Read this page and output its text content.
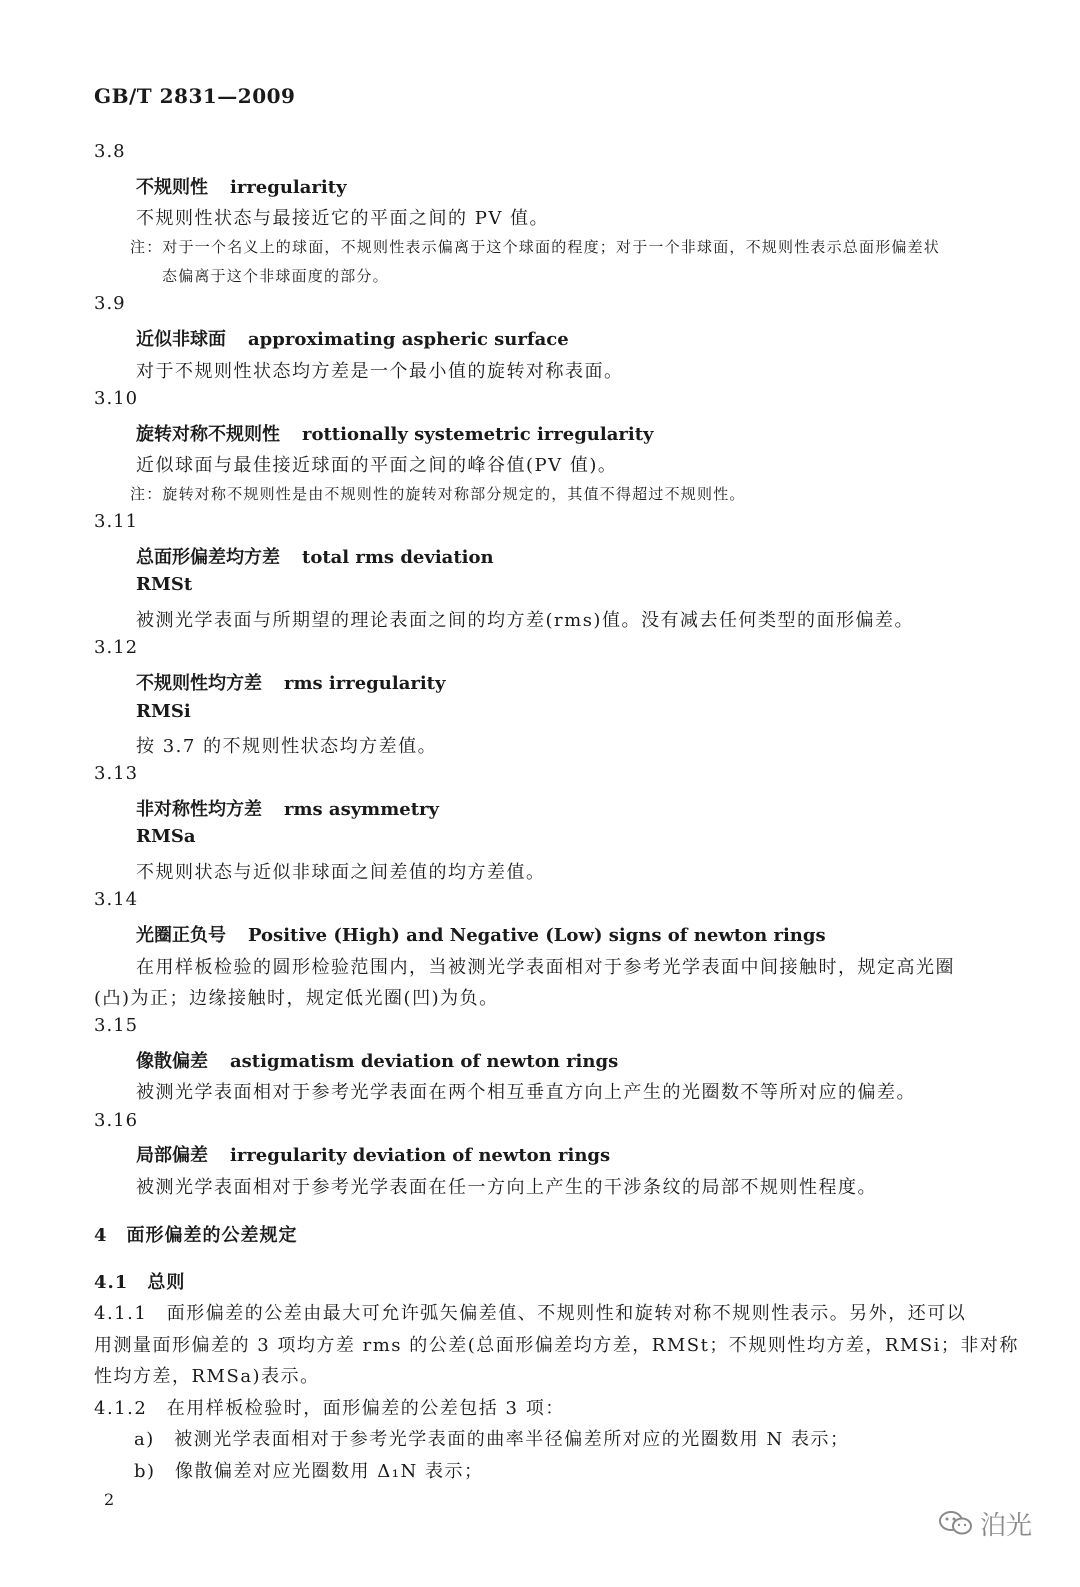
GB/T 2831—2009
3.8
不规则性 irregularity
不规则性状态与最接近它的平面之间的 PV 值。
注：对于一个名义上的球面，不规则性表示偏离于这个球面的程度；对于一个非球面，不规则性表示总面形偏差状
态偏离于这个非球面度的部分。
3.9
近似非球面 approximating aspheric surface
对于不规则性状态均方差是一个最小值的旋转对称表面。
3.10
旋转对称不规则性 rottionally systemetric irregularity
近似球面与最佳接近球面的平面之间的峰谷值(PV 值)。
注：旋转对称不规则性是由不规则性的旋转对称部分规定的，其值不得超过不规则性。
3.11
总面形偏差均方差 total rms deviation
RMSt
被测光学表面与所期望的理论表面之间的均方差(rms)值。没有减去任何类型的面形偏差。
3.12
不规则性均方差 rms irregularity
RMSi
按 3.7 的不规则性状态均方差值。
3.13
非对称性均方差 rms asymmetry
RMSa
不规则状态与近似非球面之间差值的均方差值。
3.14
光圈正负号 Positive (High) and Negative (Low) signs of newton rings
在用样板检验的圆形检验范围内，当被测光学表面相对于参考光学表面中间接触时，规定高光圈
(凸)为正；边缘接触时，规定低光圈(凹)为负。
3.15
像散偏差 astigmatism deviation of newton rings
被测光学表面相对于参考光学表面在两个相互垂直方向上产生的光圈数不等所对应的偏差。
3.16
局部偏差 irregularity deviation of newton rings
被测光学表面相对于参考光学表面在任一方向上产生的干涉条纹的局部不规则性程度。
4　面形偏差的公差规定
4.1　总则
4.1.1　面形偏差的公差由最大可允许弧矢偏差值、不规则性和旋转对称不规则性表示。另外，还可以
用测量面形偏差的 3 项均方差 rms 的公差(总面形偏差均方差，RMSt；不规则性均方差，RMSi；非对称
性均方差，RMSa)表示。
4.1.2　在用样板检验时，面形偏差的公差包括 3 项：
a)　被测光学表面相对于参考光学表面的曲率半径偏差所对应的光圈数用 N 表示；
b)　像散偏差对应光圈数用 Δ₁N 表示；
2
泊光
